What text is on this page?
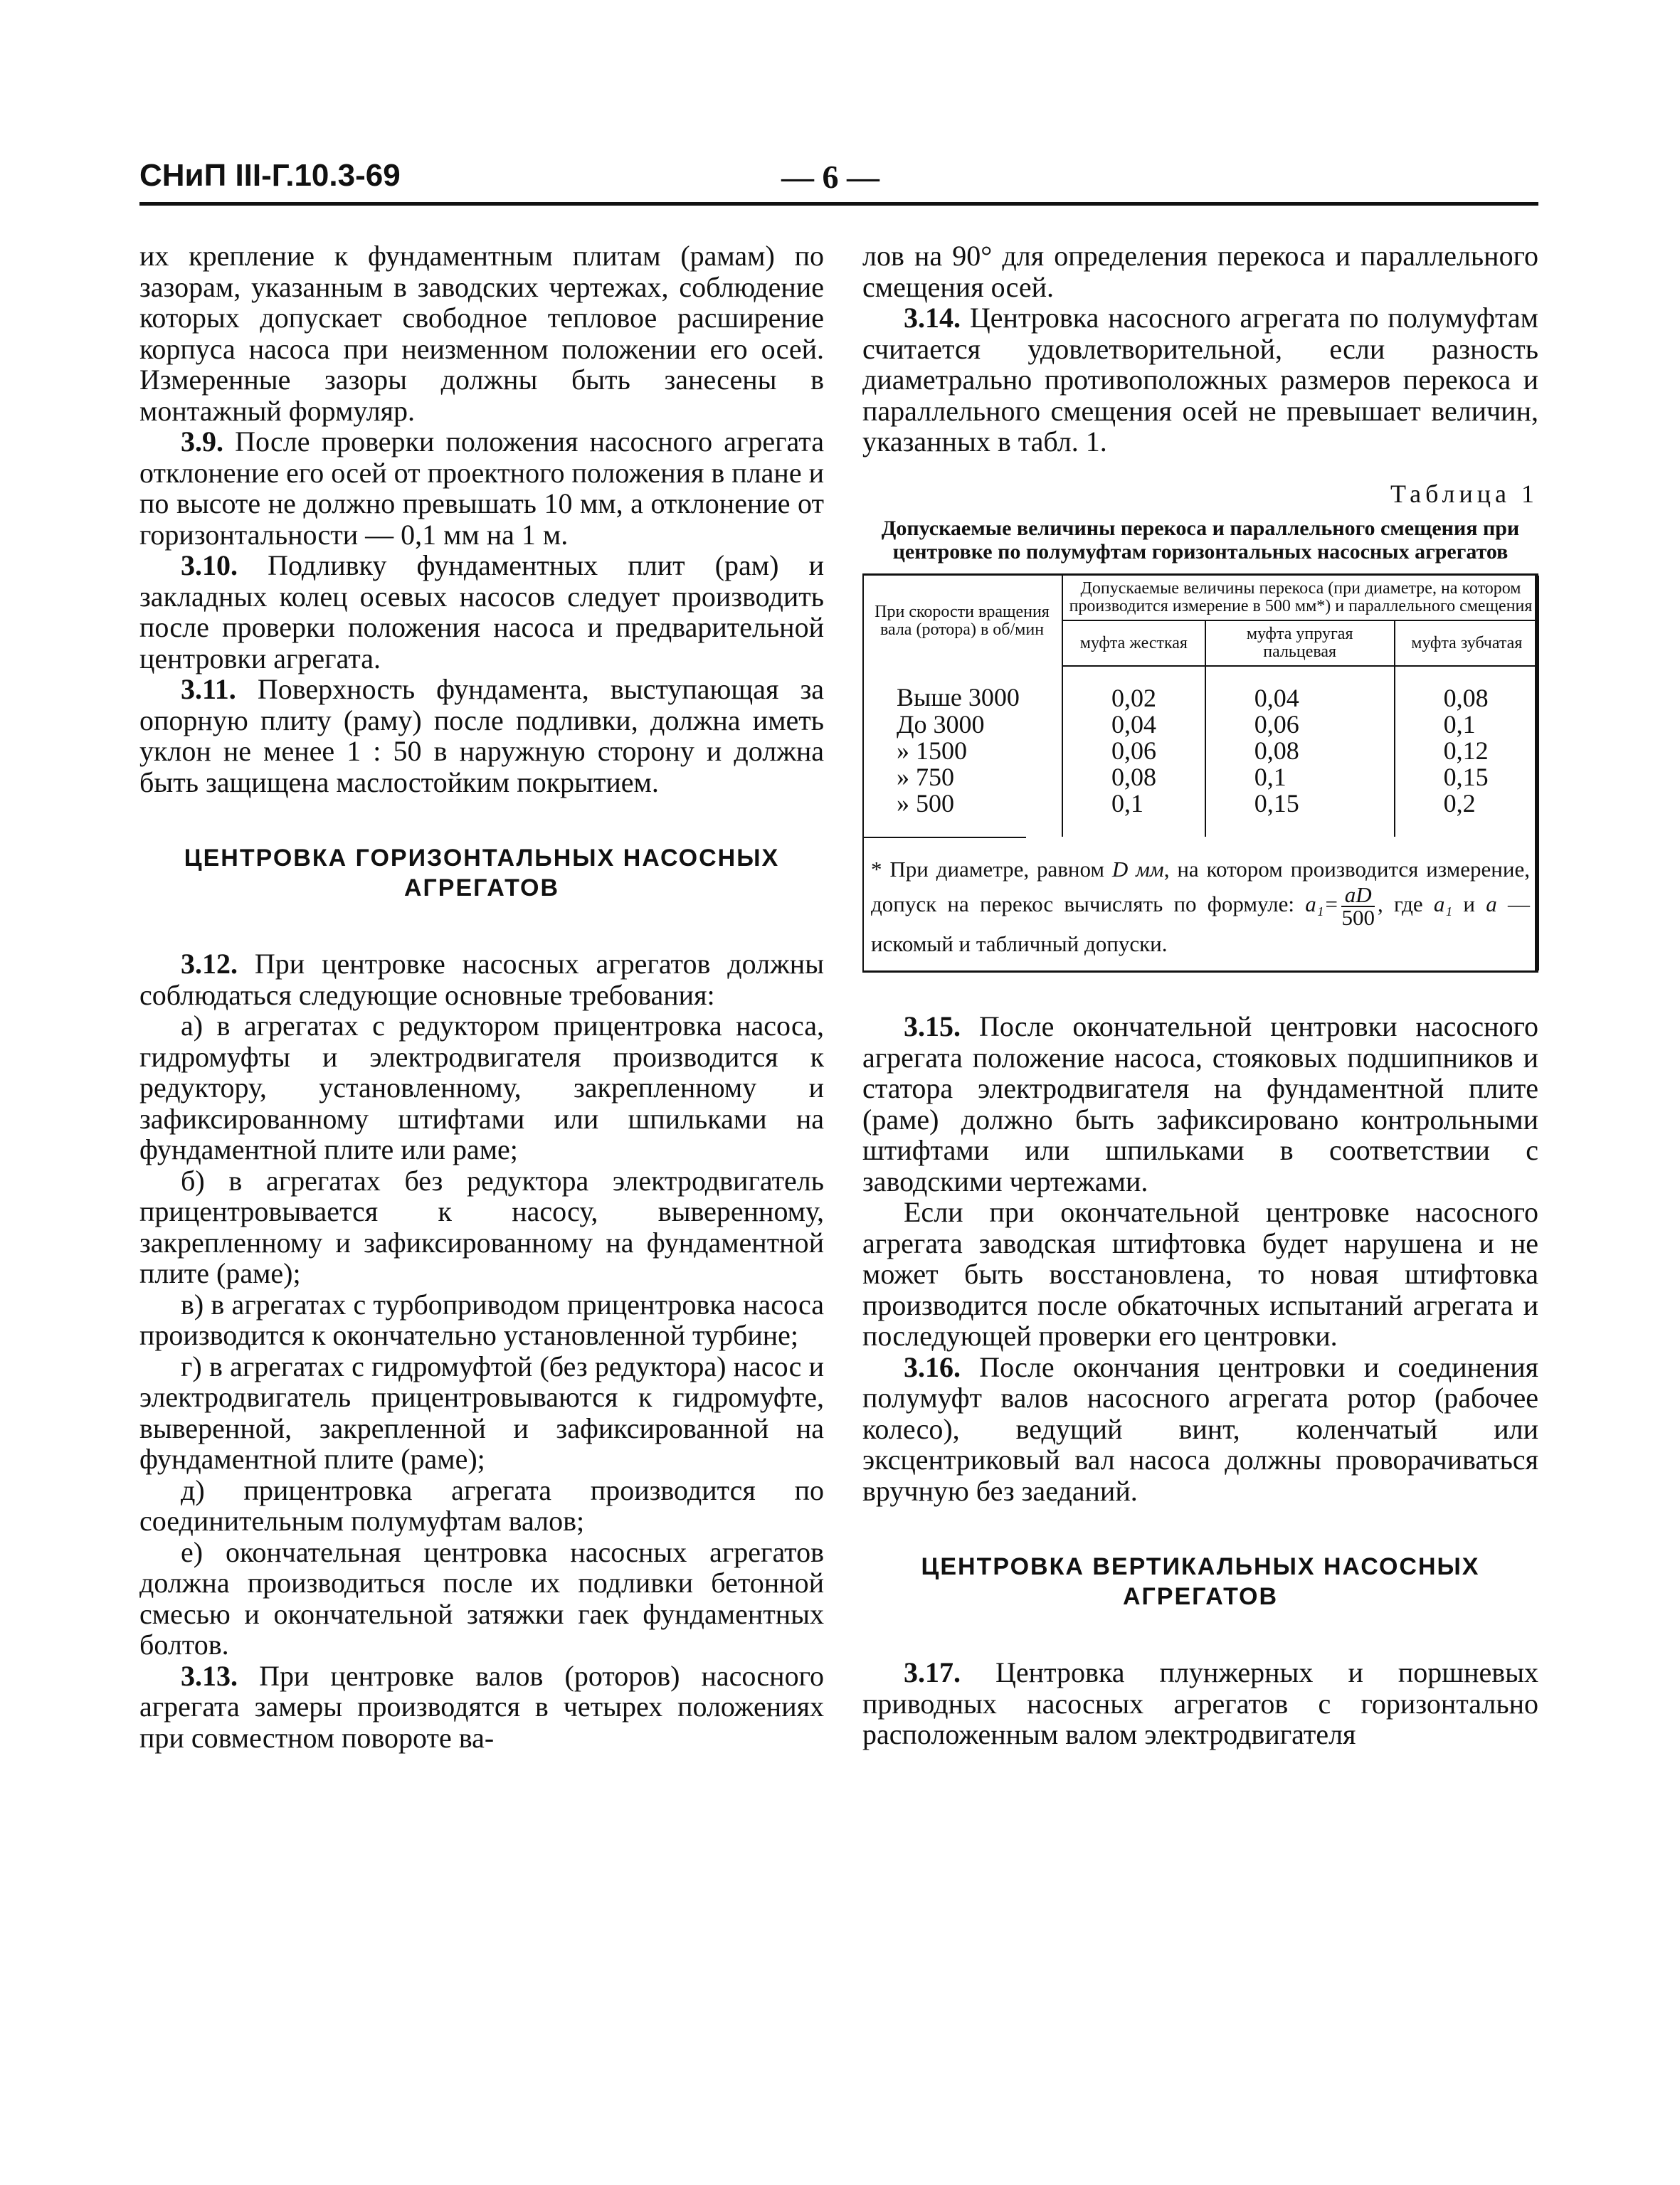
СНиП III-Г.10.3-69	— 6 —

их крепление к фундаментным плитам (рамам) по зазорам, указанным в заводских чертежах, соблюдение которых допускает свободное тепловое расширение корпуса насоса при неизменном положении его осей. Измеренные зазоры должны быть занесены в монтажный формуляр.

3.9. После проверки положения насосного агрегата отклонение его осей от проектного положения в плане и по высоте не должно превышать 10 мм, а отклонение от горизонтальности — 0,1 мм на 1 м.

3.10. Подливку фундаментных плит (рам) и закладных колец осевых насосов следует производить после проверки положения насоса и предварительной центровки агрегата.

3.11. Поверхность фундамента, выступающая за опорную плиту (раму) после подливки, должна иметь уклон не менее 1 : 50 в наружную сторону и должна быть защищена маслостойким покрытием.

ЦЕНТРОВКА ГОРИЗОНТАЛЬНЫХ НАСОСНЫХ АГРЕГАТОВ

3.12. При центровке насосных агрегатов должны соблюдаться следующие основные требования:

а) в агрегатах с редуктором прицентровка насоса, гидромуфты и электродвигателя производится к редуктору, установленному, закрепленному и зафиксированному штифтами или шпильками на фундаментной плите или раме;

б) в агрегатах без редуктора электродвигатель прицентровывается к насосу, выверенному, закрепленному и зафиксированному на фундаментной плите (раме);

в) в агрегатах с турбоприводом прицентровка насоса производится к окончательно установленной турбине;

г) в агрегатах с гидромуфтой (без редуктора) насос и электродвигатель прицентровываются к гидромуфте, выверенной, закрепленной и зафиксированной на фундаментной плите (раме);

д) прицентровка агрегата производится по соединительным полумуфтам валов;

е) окончательная центровка насосных агрегатов должна производиться после их подливки бетонной смесью и окончательной затяжки гаек фундаментных болтов.

3.13. При центровке валов (роторов) насосного агрегата замеры производятся в четырех положениях при совместном повороте ва-

лов на 90° для определения перекоса и параллельного смещения осей.

3.14. Центровка насосного агрегата по полумуфтам считается удовлетворительной, если разность диаметрально противоположных размеров перекоса и параллельного смещения осей не превышает величин, указанных в табл. 1.

Таблица 1
Допускаемые величины перекоса и параллельного смещения при центровке по полумуфтам горизонтальных насосных агрегатов
При скорости вращения вала (ротора) в об/мин	Допускаемые величины перекоса (при диаметре, на котором производится измерение в 500 мм*) и параллельного смещения		
	муфта жесткая	муфта упругая пальцевая	муфта зубчатая
Выше 3000	0,02	0,04	0,08
До 3000	0,04	0,06	0,1
» 1500	0,06	0,08	0,12
» 750	0,08	0,1	0,15
» 500	0,1	0,15	0,2
* При диаметре, равном D мм, на котором производится измерение, допуск на перекос вычислять по формуле: $a_1= \frac{aD}{500}$ , где a₁ и a — искомый и табличный допуски.

3.15. После окончательной центровки насосного агрегата положение насоса, стояковых подшипников и статора электродвигателя на фундаментной плите (раме) должно быть зафиксировано контрольными штифтами или шпильками в соответствии с заводскими чертежами.

Если при окончательной центровке насосного агрегата заводская штифтовка будет нарушена и не может быть восстановлена, то новая штифтовка производится после обкаточных испытаний агрегата и последующей проверки его центровки.

3.16. После окончания центровки и соединения полумуфт валов насосного агрегата ротор (рабочее колесо), ведущий винт, коленчатый или эксцентриковый вал насоса должны проворачиваться вручную без заеданий.

ЦЕНТРОВКА ВЕРТИКАЛЬНЫХ НАСОСНЫХ АГРЕГАТОВ

3.17. Центровка плунжерных и поршневых приводных насосных агрегатов с горизонтально расположенным валом электродвигателя
